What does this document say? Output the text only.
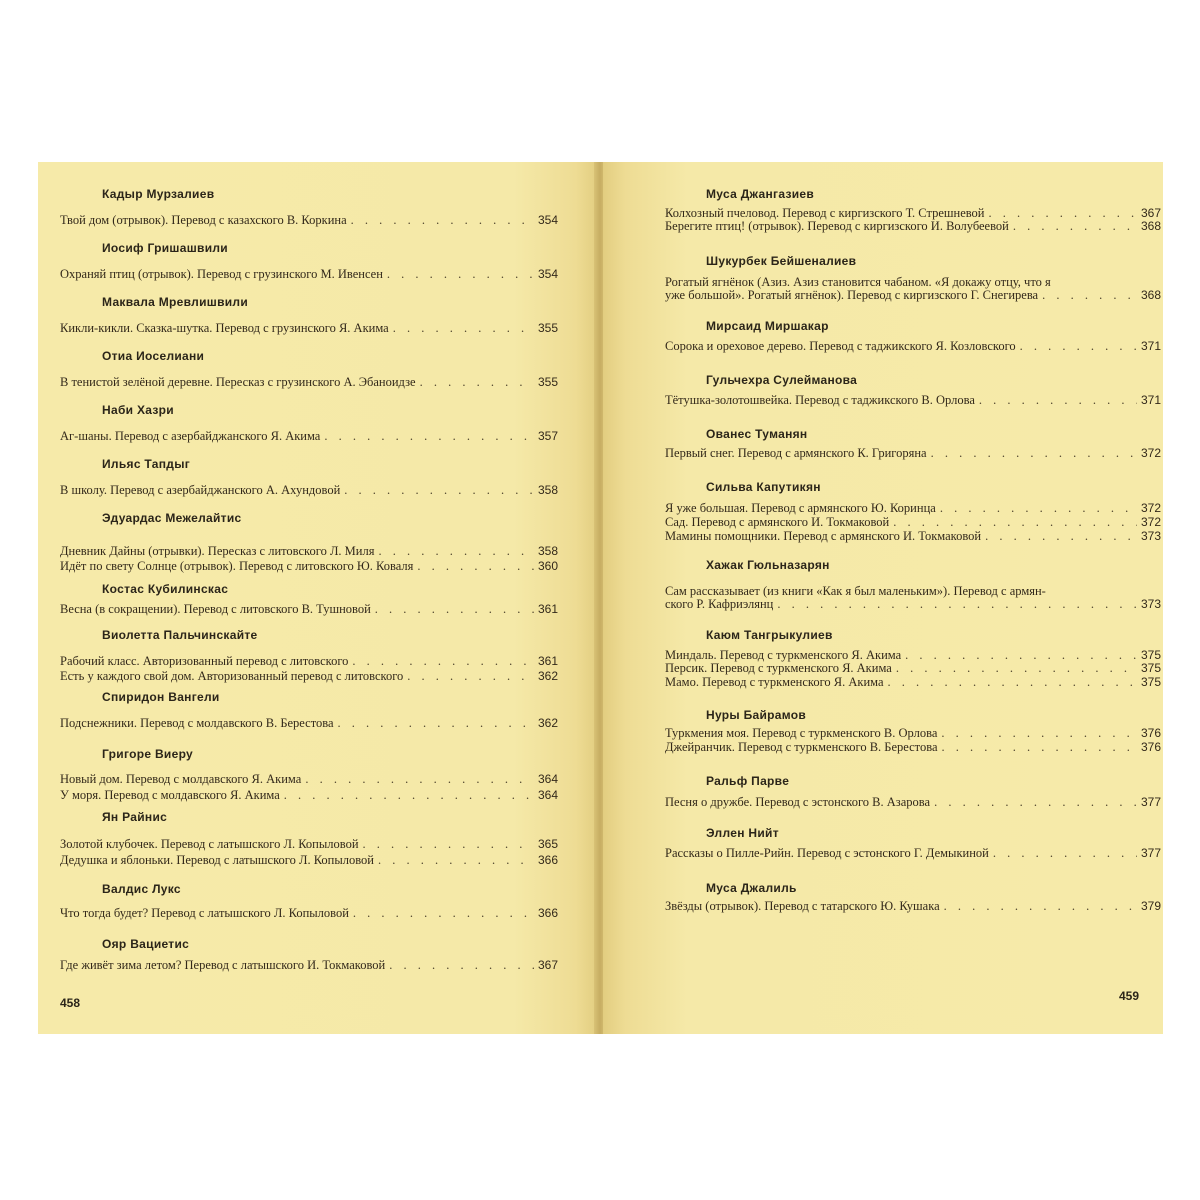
Кадыр Мурзалиев
Твой дом (отрывок). Перевод с казахского В. Коркина . . .	354
Иосиф Гришашвили
Охраняй птиц (отрывок). Перевод с грузинского М. Ивенсен . . .	354
Маквала Мревлишвили
Кикли-кикли. Сказка-шутка. Перевод с грузинского Я. Акима . . .	355
Отиа Иоселиани
В тенистой зелёной деревне. Пересказ с грузинского А. Эбаноидзе . . .	355
Наби Хазри
Аг-шаны. Перевод с азербайджанского Я. Акима . . .	357
Ильяс Тапдыг
В школу. Перевод с азербайджанского А. Ахундовой . . .	358
Эдуардас Межелайтис
Дневник Дайны (отрывки). Пересказ с литовского Л. Миля . . .	358
Идёт по свету Солнце (отрывок). Перевод с литовского Ю. Коваля . . .	360
Костас Кубилинскас
Весна (в сокращении). Перевод с литовского В. Тушновой . . .	361
Виолетта Пальчинскайте
Рабочий класс. Авторизованный перевод с литовского . . .	361
Есть у каждого свой дом. Авторизованный перевод с литовского . . .	362
Спиридон Вангели
Подснежники. Перевод с молдавского В. Берестова . . .	362
Григоре Виеру
Новый дом. Перевод с молдавского Я. Акима . . .	364
У моря. Перевод с молдавского Я. Акима . . .	364
Ян Райнис
Золотой клубочек. Перевод с латышского Л. Копыловой . . .	365
Дедушка и яблоньки. Перевод с латышского Л. Копыловой . . .	366
Валдис Лукс
Что тогда будет? Перевод с латышского Л. Копыловой . . .	366
Ояр Вациетис
Где живёт зима летом? Перевод с латышского И. Токмаковой . . .	367
458
Муса Джангазиев
Колхозный пчеловод. Перевод с киргизского Т. Стрешневой . . .	367
Берегите птиц! (отрывок). Перевод с киргизского И. Волубеевой . . .	368
Шукурбек Бейшеналиев
Рогатый ягнёнок (Азиз. Азиз становится чабаном. «Я докажу отцу, что я
уже большой». Рогатый ягнёнок). Перевод с киргизского Г. Снегирева . . .	368
Мирсаид Миршакар
Сорока и ореховое дерево. Перевод с таджикского Я. Козловского . . .	371
Гульчехра Сулейманова
Тётушка-золотошвейка. Перевод с таджикского В. Орлова . . .	371
Ованес Туманян
Первый снег. Перевод с армянского К. Григоряна . . .	372
Сильва Капутикян
Я уже большая. Перевод с армянского Ю. Коринца . . .	372
Сад. Перевод с армянского И. Токмаковой . . .	372
Мамины помощники. Перевод с армянского И. Токмаковой . . .	373
Хажак Гюльназарян
Сам рассказывает (из книги «Как я был маленьким»). Перевод с армян-
ского Р. Кафриэлянц . . .	373
Каюм Тангрыкулиев
Миндаль. Перевод с туркменского Я. Акима . . .	375
Персик. Перевод с туркменского Я. Акима . . .	375
Мамо. Перевод с туркменского Я. Акима . . .	375
Нуры Байрамов
Туркмения моя. Перевод с туркменского В. Орлова . . .	376
Джейранчик. Перевод с туркменского В. Берестова . . .	376
Ральф Парве
Песня о дружбе. Перевод с эстонского В. Азарова . . .	377
Эллен Нийт
Рассказы о Пилле-Рийн. Перевод с эстонского Г. Демыкиной . . .	377
Муса Джалиль
Звёзды (отрывок). Перевод с татарского Ю. Кушака . . .	379
459
